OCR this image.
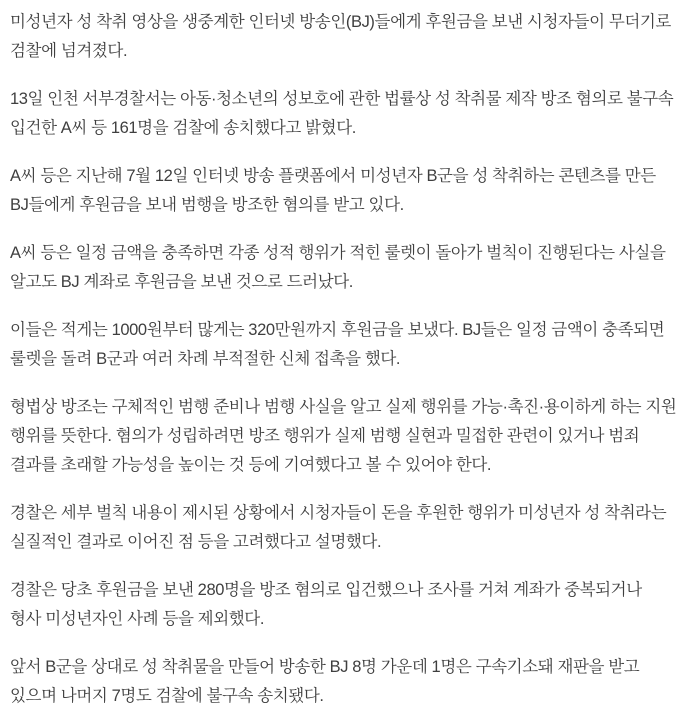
미성년자 성 착취 영상을 생중계한 인터넷 방송인(BJ)들에게 후원금을 보낸 시청자들이 무더기로 검찰에 넘겨졌다.

13일 인천 서부경찰서는 아동·청소년의 성보호에 관한 법률상 성 착취물 제작 방조 혐의로 불구속 입건한 A씨 등 161명을 검찰에 송치했다고 밝혔다.

A씨 등은 지난해 7월 12일 인터넷 방송 플랫폼에서 미성년자 B군을 성 착취하는 콘텐츠를 만든 BJ들에게 후원금을 보내 범행을 방조한 혐의를 받고 있다.

A씨 등은 일정 금액을 충족하면 각종 성적 행위가 적힌 룰렛이 돌아가 벌칙이 진행된다는 사실을 알고도 BJ 계좌로 후원금을 보낸 것으로 드러났다.

이들은 적게는 1000원부터 많게는 320만원까지 후원금을 보냈다. BJ들은 일정 금액이 충족되면 룰렛을 돌려 B군과 여러 차례 부적절한 신체 접촉을 했다.

형법상 방조는 구체적인 범행 준비나 범행 사실을 알고 실제 행위를 가능·촉진·용이하게 하는 지원 행위를 뜻한다. 혐의가 성립하려면 방조 행위가 실제 범행 실현과 밀접한 관련이 있거나 범죄 결과를 초래할 가능성을 높이는 것 등에 기여했다고 볼 수 있어야 한다.

경찰은 세부 벌칙 내용이 제시된 상황에서 시청자들이 돈을 후원한 행위가 미성년자 성 착취라는 실질적인 결과로 이어진 점 등을 고려했다고 설명했다.

경찰은 당초 후원금을 보낸 280명을 방조 혐의로 입건했으나 조사를 거쳐 계좌가 중복되거나 형사 미성년자인 사례 등을 제외했다.

앞서 B군을 상대로 성 착취물을 만들어 방송한 BJ 8명 가운데 1명은 구속기소돼 재판을 받고 있으며 나머지 7명도 검찰에 불구속 송치됐다.
